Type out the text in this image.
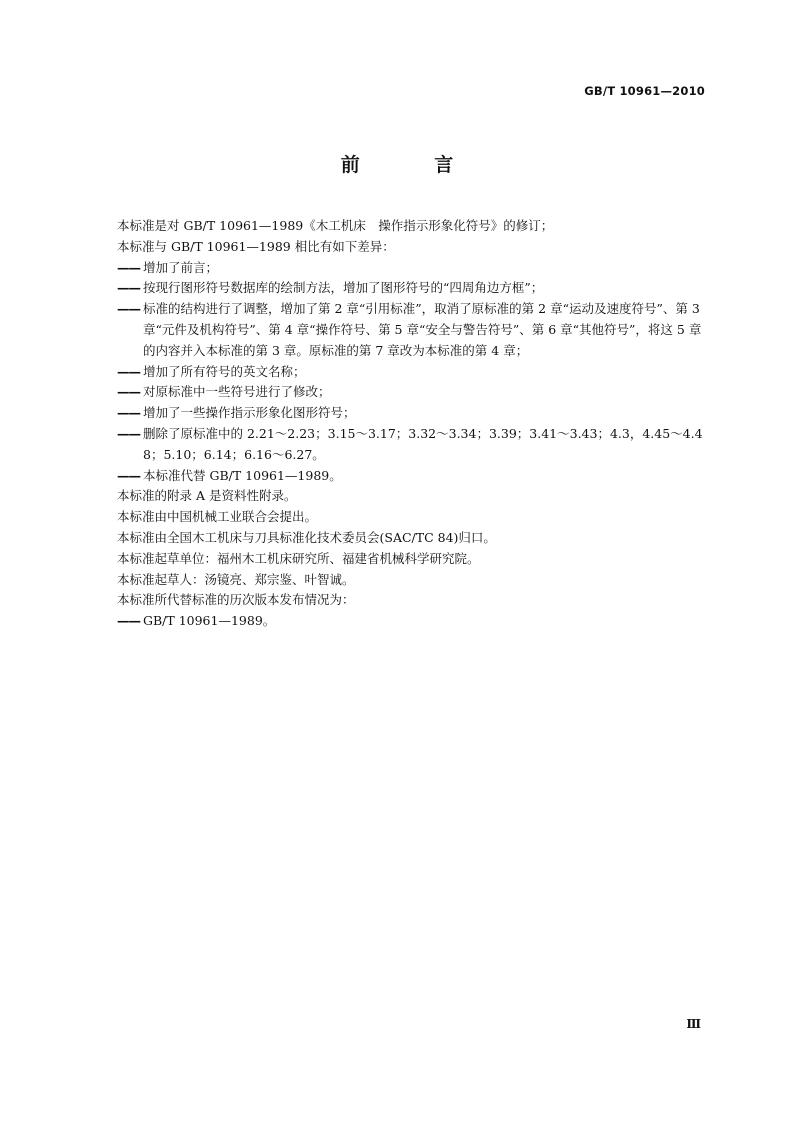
GB/T 10961—2010
前 言
本标准是对 GB/T 10961—1989《木工机床　操作指示形象化符号》的修订；
本标准与 GB/T 10961—1989 相比有如下差异：
—— 增加了前言；
—— 按现行图形符号数据库的绘制方法，增加了图形符号的“四周角边方框”；
—— 标准的结构进行了调整，增加了第 2 章“引用标准”，取消了原标准的第 2 章“运动及速度符号”、第 3 章“元件及机构符号”、第 4 章“操作符号、第 5 章“安全与警告符号”、第 6 章“其他符号”，将这 5 章的内容并入本标准的第 3 章。原标准的第 7 章改为本标准的第 4 章；
—— 增加了所有符号的英文名称；
—— 对原标准中一些符号进行了修改；
—— 增加了一些操作指示形象化图形符号；
—— 删除了原标准中的 2.21～2.23；3.15～3.17；3.32～3.34；3.39；3.41～3.43；4.3，4.45～4.48；5.10；6.14；6.16～6.27。
—— 本标准代替 GB/T 10961—1989。
本标准的附录 A 是资料性附录。
本标准由中国机械工业联合会提出。
本标准由全国木工机床与刀具标准化技术委员会(SAC/TC 84)归口。
本标准起草单位：福州木工机床研究所、福建省机械科学研究院。
本标准起草人：汤镜亮、郑宗鉴、叶智诚。
本标准所代替标准的历次版本发布情况为：
—— GB/T 10961—1989。
Ⅲ
